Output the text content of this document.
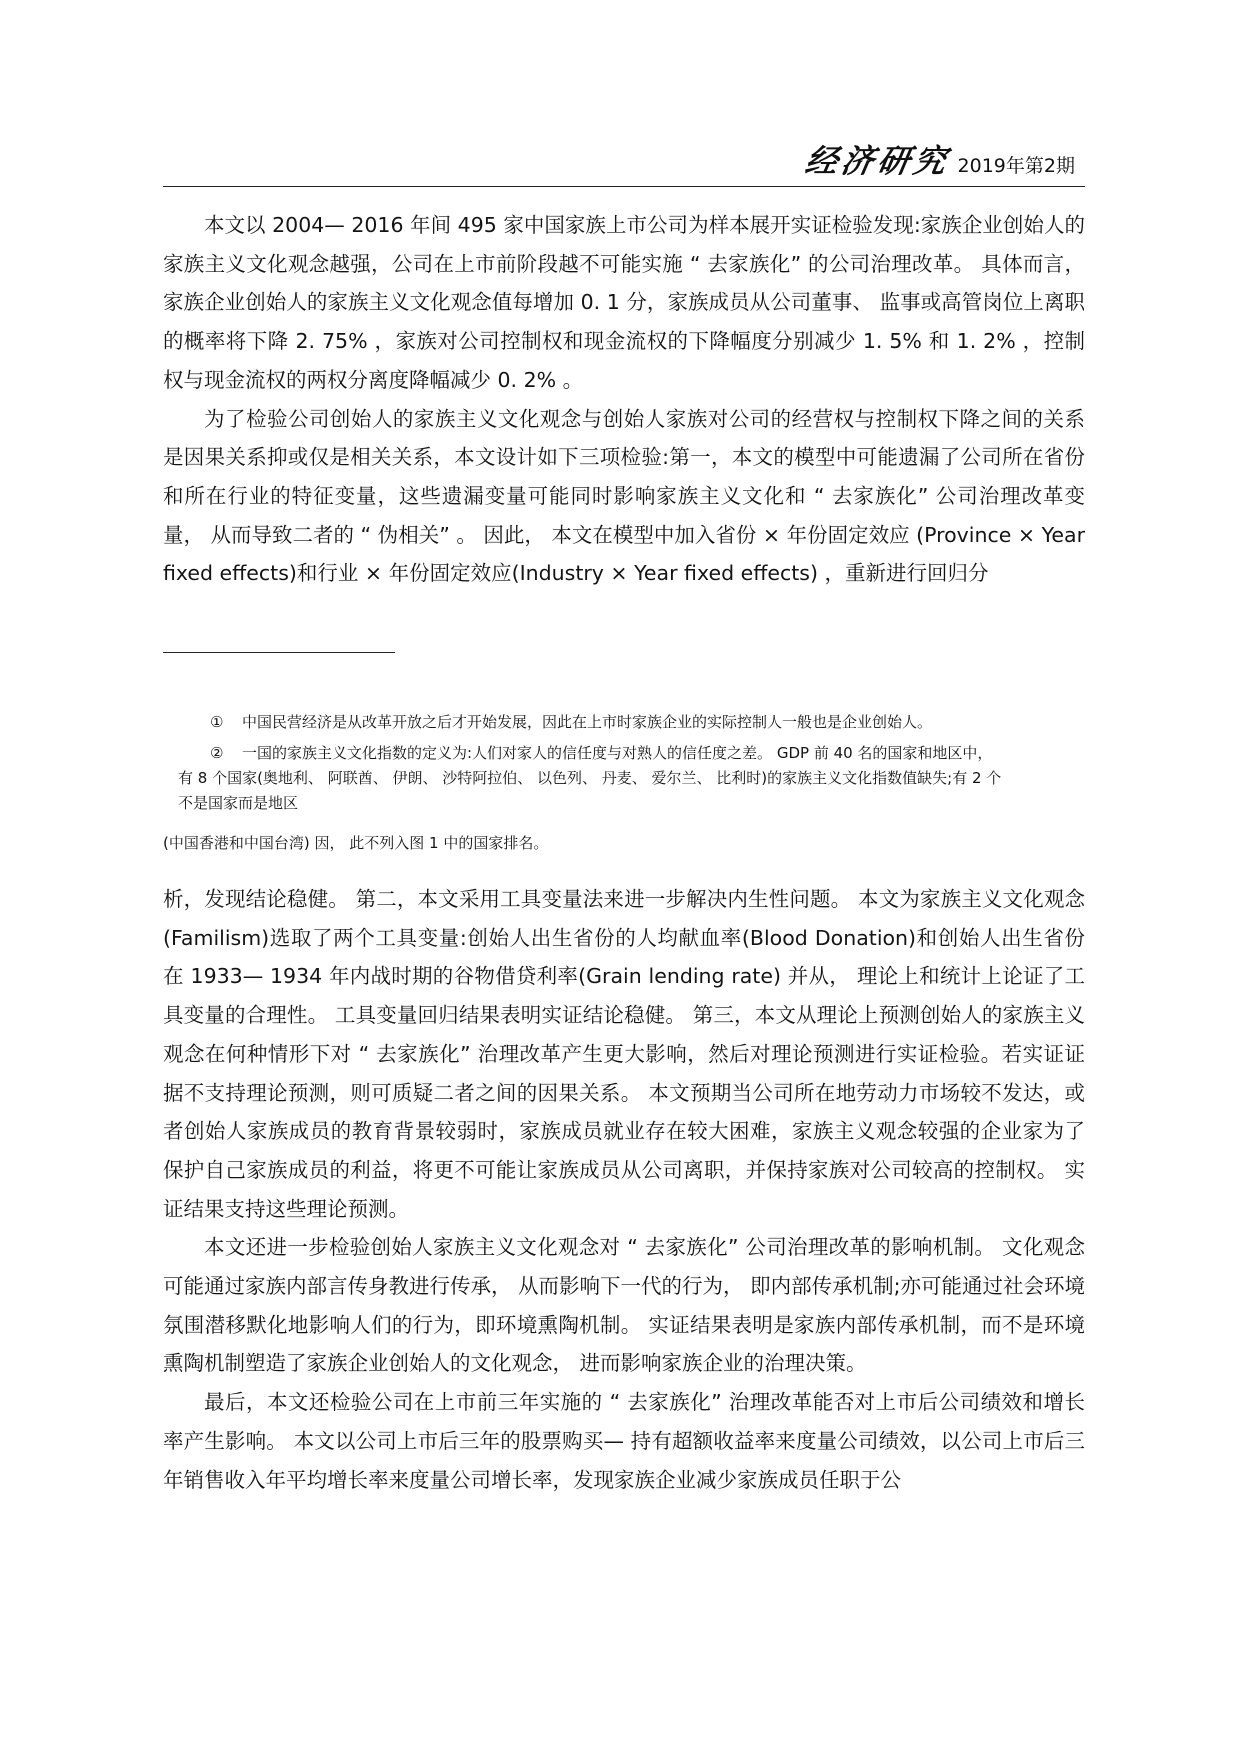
经济研究 2019年第2期

本文以 2004— 2016 年间 495 家中国家族上市公司为样本展开实证检验发现:家族企业创始人的家族主义文化观念越强，公司在上市前阶段越不可能实施 “ 去家族化” 的公司治理改革。 具体而言，家族企业创始人的家族主义文化观念值每增加 0. 1 分，家族成员从公司董事、 监事或高管岗位上离职的概率将下降 2. 75% ，家族对公司控制权和现金流权的下降幅度分别减少 1. 5% 和 1. 2% ，控制权与现金流权的两权分离度降幅减少 0. 2% 。

为了检验公司创始人的家族主义文化观念与创始人家族对公司的经营权与控制权下降之间的关系是因果关系抑或仅是相关关系，本文设计如下三项检验:第一，本文的模型中可能遗漏了公司所在省份和所在行业的特征变量，这些遗漏变量可能同时影响家族主义文化和 “ 去家族化” 公司治理改革变量， 从而导致二者的 “ 伪相关” 。 因此， 本文在模型中加入省份 × 年份固定效应 (Province × Year fixed effects)和行业 × 年份固定效应(Industry × Year fixed effects) ，重新进行回归分

① 中国民营经济是从改革开放之后才开始发展，因此在上市时家族企业的实际控制人一般也是企业创始人。
② 一国的家族主义文化指数的定义为:人们对家人的信任度与对熟人的信任度之差。 GDP 前 40 名的国家和地区中，
有 8 个国家(奥地利、 阿联酋、 伊朗、 沙特阿拉伯、 以色列、 丹麦、 爱尔兰、 比利时)的家族主义文化指数值缺失;有 2 个
不是国家而是地区
(中国香港和中国台湾) 因， 此不列入图 1 中的国家排名。

析，发现结论稳健。 第二，本文采用工具变量法来进一步解决内生性问题。 本文为家族主义文化观念(Familism)选取了两个工具变量:创始人出生省份的人均献血率(Blood Donation)和创始人出生省份在 1933— 1934 年内战时期的谷物借贷利率(Grain lending rate) 并从， 理论上和统计上论证了工具变量的合理性。 工具变量回归结果表明实证结论稳健。 第三，本文从理论上预测创始人的家族主义观念在何种情形下对 “ 去家族化” 治理改革产生更大影响，然后对理论预测进行实证检验。若实证证据不支持理论预测，则可质疑二者之间的因果关系。 本文预期当公司所在地劳动力市场较不发达，或者创始人家族成员的教育背景较弱时，家族成员就业存在较大困难，家族主义观念较强的企业家为了保护自己家族成员的利益，将更不可能让家族成员从公司离职，并保持家族对公司较高的控制权。 实证结果支持这些理论预测。

本文还进一步检验创始人家族主义文化观念对 “ 去家族化” 公司治理改革的影响机制。 文化观念可能通过家族内部言传身教进行传承， 从而影响下一代的行为， 即内部传承机制;亦可能通过社会环境氛围潜移默化地影响人们的行为，即环境熏陶机制。 实证结果表明是家族内部传承机制，而不是环境熏陶机制塑造了家族企业创始人的文化观念， 进而影响家族企业的治理决策。

最后，本文还检验公司在上市前三年实施的 “ 去家族化” 治理改革能否对上市后公司绩效和增长率产生影响。 本文以公司上市后三年的股票购买— 持有超额收益率来度量公司绩效，以公司上市后三年销售收入年平均增长率来度量公司增长率，发现家族企业减少家族成员任职于公
